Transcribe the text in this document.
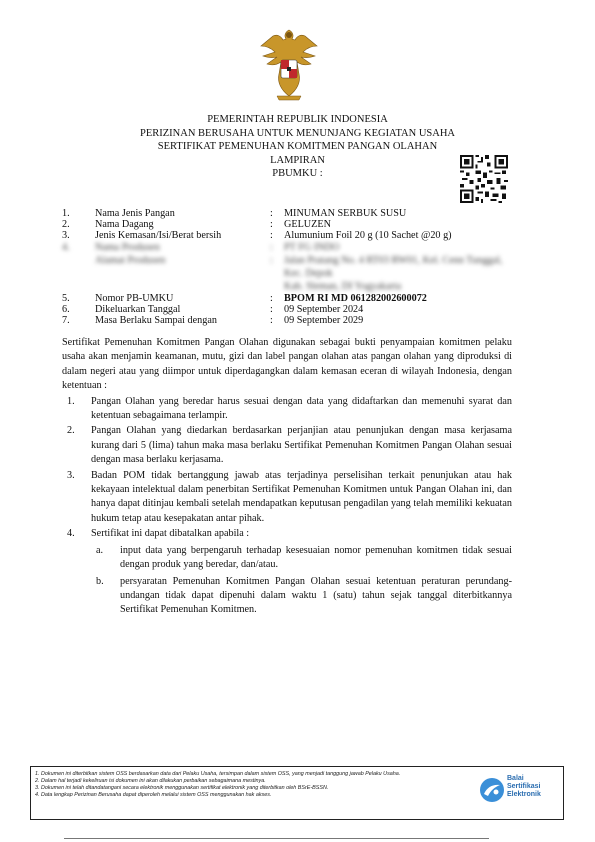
PEMERINTAH REPUBLIK INDONESIA
PERIZINAN BERUSAHA UNTUK MENUNJANG KEGIATAN USAHA
SERTIFIKAT PEMENUHAN KOMITMEN PANGAN OLAHAN
LAMPIRAN
PBUMKU :
1. Nama Jenis Pangan	: MINUMAN SERBUK SUSU
2. Nama Dagang	: GELUZEN
3. Jenis Kemasan/Isi/Berat bersih	: Alumunium Foil 20 g (10 Sachet @20 g)
4. Nama Produsen	: PT FG INDO
Alamat Produsen	: Jalan Pratang No. 4 RT03 RW01, Kel. Cenn Tunggal,
Kec. Depok
Kab. Sleman, DI Yogyakarta
5. Nomor PB-UMKU	: BPOM RI MD 061282002600072
6. Dikeluarkan Tanggal	: 09 September 2024
7. Masa Berlaku Sampai dengan	: 09 September 2029

Sertifikat Pemenuhan Komitmen Pangan Olahan digunakan sebagai bukti penyampaian komitmen pelaku usaha akan menjamin keamanan, mutu, gizi dan label pangan olahan atas pangan olahan yang diproduksi di dalam negeri atau yang diimpor untuk diperdagangkan dalam kemasan eceran di wilayah Indonesia, dengan ketentuan :

1. Pangan Olahan yang beredar harus sesuai dengan data yang didaftarkan dan memenuhi syarat dan ketentuan sebagaimana terlampir.
2. Pangan Olahan yang diedarkan berdasarkan perjanjian atau penunjukan dengan masa kerjasama kurang dari 5 (lima) tahun maka masa berlaku Sertifikat Pemenuhan Komitmen Pangan Olahan sesuai dengan masa berlaku kerjasama.
3. Badan POM tidak bertanggung jawab atas terjadinya perselisihan terkait penunjukan atau hak kekayaan intelektual dalam penerbitan Sertifikat Pemenuhan Komitmen untuk Pangan Olahan ini, dan hanya dapat ditinjau kembali setelah mendapatkan keputusan pengadilan yang telah memiliki kekuatan hukum tetap atau kesepakatan antar pihak.
4. Sertifikat ini dapat dibatalkan apabila :
a. input data yang berpengaruh terhadap kesesuaian nomor pemenuhan komitmen tidak sesuai dengan produk yang beredar, dan/atau.
b. persyaratan Pemenuhan Komitmen Pangan Olahan sesuai ketentuan peraturan perundang-undangan tidak dapat dipenuhi dalam waktu 1 (satu) tahun sejak tanggal diterbitkannya Sertifikat Pemenuhan Komitmen.
1. Dokumen ini diterbitkan sistem OSS berdasarkan data dari Pelaku Usaha, tersimpan dalam sistem OSS, yang menjadi tanggung jawab Pelaku Usaha.
2. Dalam hal terjadi kekeliruan isi dokumen ini akan dilakukan perbaikan sebagaimana mestinya.
3. Dokumen ini telah ditandatangani secara elektronik menggunakan sertifikat elektronik yang diterbitkan oleh BSrE-BSSN.
4. Data lengkap Perizinan Berusaha dapat diperoleh melalui sistem OSS menggunakan hak akses.
Balai
Sertifikasi
Elektronik
